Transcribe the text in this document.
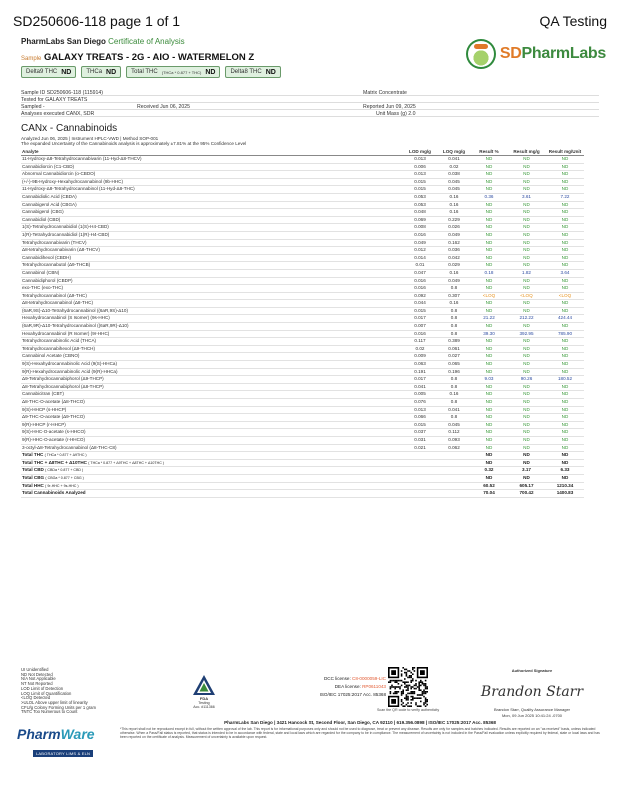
SD250606-118 page 1 of 1	QA Testing
PharmLabs San Diego Certificate of Analysis
Sample GALAXY TREATS - 2G - AIO - WATERMELON Z
Delta9 THC ND	THCa ND	Total THC (THCa * 0.877 + THC) ND	Delta8 THC ND
SDPharmLabs
Sample ID SD250606-118 (115914)	Matrix Concentrate
Tested for GALAXY TREATS
Sampled -	Received Jun 06, 2025	Reported Jun 09, 2025
Analyses executed CANX, SDR	Unit Mass (g) 2.0
CANx - Cannabinoids
Analyzed Jun 06, 2025 | Instrument HPLC-VWD | Method SOP-001
The expanded Uncertainty of the Cannabinoids analysis is approximately ±7.81% at the 95% Confidence Level
Analyte	LOD mg/g	LOQ mg/g	Result %	Result mg/g	Result mg/Unit
11-Hydroxy-Δ8-Tetrahydrocannabivarin (11-Hyd-Δ8-THCV)	0.013	0.041	ND	ND	ND
Cannabidiorcin (C1-CBD)	0.006	0.02	ND	ND	ND
Abnormal Cannabidiorcin (o-CBDO)	0.013	0.038	ND	ND	ND
(+/-)-9B-Hydroxy-Hexahydrocannabinol (9b-HHC)	0.015	0.045	ND	ND	ND
11-Hydroxy-Δ8-Tetrahydrocannabinol (11-Hyd-Δ8-THC)	0.015	0.045	ND	ND	ND
Cannabidiolic Acid (CBDA)	0.053	0.16	0.36	3.61	7.22
Cannabigerol Acid (CBGA)	0.053	0.16	ND	ND	ND
Cannabigerol (CBG)	0.048	0.16	ND	ND	ND
Cannabidiol (CBD)	0.069	0.229	ND	ND	ND
1(S)-Tetrahydrocannabidiol (1(S)-H4-CBD)	0.008	0.026	ND	ND	ND
1(R)-Tetrahydrocannabidiol (1(R)-H4-CBD)	0.016	0.049	ND	ND	ND
Tetrahydrocannabivarin (THCV)	0.049	0.162	ND	ND	ND
Δ8-tetrahydrocannabivarin (Δ8-THCV)	0.012	0.036	ND	ND	ND
Cannabidihexol (CBDH)	0.014	0.042	ND	ND	ND
Tetrahydrocannabutol (Δ9-THCB)	0.01	0.029	ND	ND	ND
Cannabinol (CBN)	0.047	0.16	0.18	1.82	3.64
Cannabidiphorol (CBDP)	0.016	0.049	ND	ND	ND
exo-THC (exo-THC)	0.016	0.8	ND	ND	ND
Tetrahydrocannabinol (Δ9-THC)	0.092	0.307	<LOQ	<LOQ	<LOQ
Δ8-tetrahydrocannabinol (Δ8-THC)	0.044	0.16	ND	ND	ND
(6aR,9S)-Δ10-Tetrahydrocannabinol ((6aR,9S)-Δ10)	0.015	0.8	ND	ND	ND
Hexahydrocannabinol (S Isomer) (9s-HHC)	0.017	0.8	21.22	212.22	424.44
(6aR,9R)-Δ10-Tetrahydrocannabinol ((6aR,9R)-Δ10)	0.007	0.8	ND	ND	ND
Hexahydrocannabinol (R Isomer) (9r-HHC)	0.016	0.8	39.30	392.95	785.90
Tetrahydrocannabinolic Acid (THCA)	0.117	0.389	ND	ND	ND
Tetrahydrocannabihexol (Δ9-THCH)	0.02	0.061	ND	ND	ND
Cannabinol Acetate (CBNO)	0.009	0.027	ND	ND	ND
9(S)-Hexahydrocannabinolic Acid (9(S)-HHCa)	0.063	0.065	ND	ND	ND
9(R)-Hexahydrocannabinolic Acid (9(R)-HHCa)	0.191	0.196	ND	ND	ND
Δ9-Tetrahydrocannabiphorol (Δ9-THCP)	0.017	0.8	9.03	90.26	180.52
Δ8-Tetrahydrocannabiphorol (Δ8-THCP)	0.041	0.8	ND	ND	ND
Cannabicitran (CBT)	0.005	0.16	ND	ND	ND
Δ8-THC-O-acetate (Δ8-THCO)	0.076	0.8	ND	ND	ND
9(S)-HHCP (s-HHCP)	0.013	0.041	ND	ND	ND
Δ9-THC-O-acetate (Δ9-THCO)	0.066	0.8	ND	ND	ND
9(R)-HHCP (r-HHCP)	0.015	0.045	ND	ND	ND
9(S)-HHC-O-acetate (s-HHCO)	0.037	0.112	ND	ND	ND
9(R)-HHC-O-acetate (r-HHCO)	0.031	0.093	ND	ND	ND
3-octyl-Δ8-Tetrahydrocannabinol (Δ8-THC-C8)	0.021	0.062	ND	ND	ND
Total THC ( THCa * 0.877 + Δ9THC )			ND	ND	ND
Total THC + Δ8THC + Δ10THC ( THCa * 0.877 + Δ9THC + Δ8THC + Δ10THC )			ND	ND	ND
Total CBD ( CBDa * 0.877 + CBD )			0.32	3.17	6.33
Total CBG ( CBGa * 0.877 + CBG )			ND	ND	ND
Total HHC ( 9r-HHC + 9s-HHC )			60.52	605.17	1210.34
Total Cannabinoids Analyzed			70.04	700.42	1400.83
UI Unidentified
ND Not Detected
N/A Not Applicable
NT Not Reported
LOD Limit of Detection
LOQ Limit of Quantification
<LOQ Detected
>ULOL Above upper limit of linearity
CFU/g Colony Forming Units per 1 gram
TNTC Too Numerous to Count
PharmWare
LABORATORY LIMS & ELN
FDA
Testing
Acc. #111366
DCC license: C8-0000059-LIC
DEA license: RP0611043
ISO/IEC 17025:2017 Acc. 85368
Scan the QR code to verify authenticity
Authorized Signature
Brandon Starr
Brandon Starr, Quality Assurance Manager
Mon, 09 Jun 2025 10:41:24 -0700
PharmLabs San Diego | 3421 Hancock St, Second Floor, San Diego, CA 92110 | 619.356.0898 | ISO/IEC 17025:2017 Acc. 85368
*This report shall not be reproduced except in full, without the written approval of the lab. This report is for informational purposes only and should not be used to diagnose, treat or prevent any disease. Results are only for samples and batches indicated. Results are reported on an "as received" basis, unless indicated otherwise. When a Pass/Fail status is reported, that status is intended to be in accordance with federal, state and local laws which are regarded for the company to be in compliance. The measurement of uncertainty is not included in the Pass/Fail evaluation unless explicitly required by federal, state or local laws and has been reported on the certificate of analysis. Measurement of uncertainty is available upon request.
